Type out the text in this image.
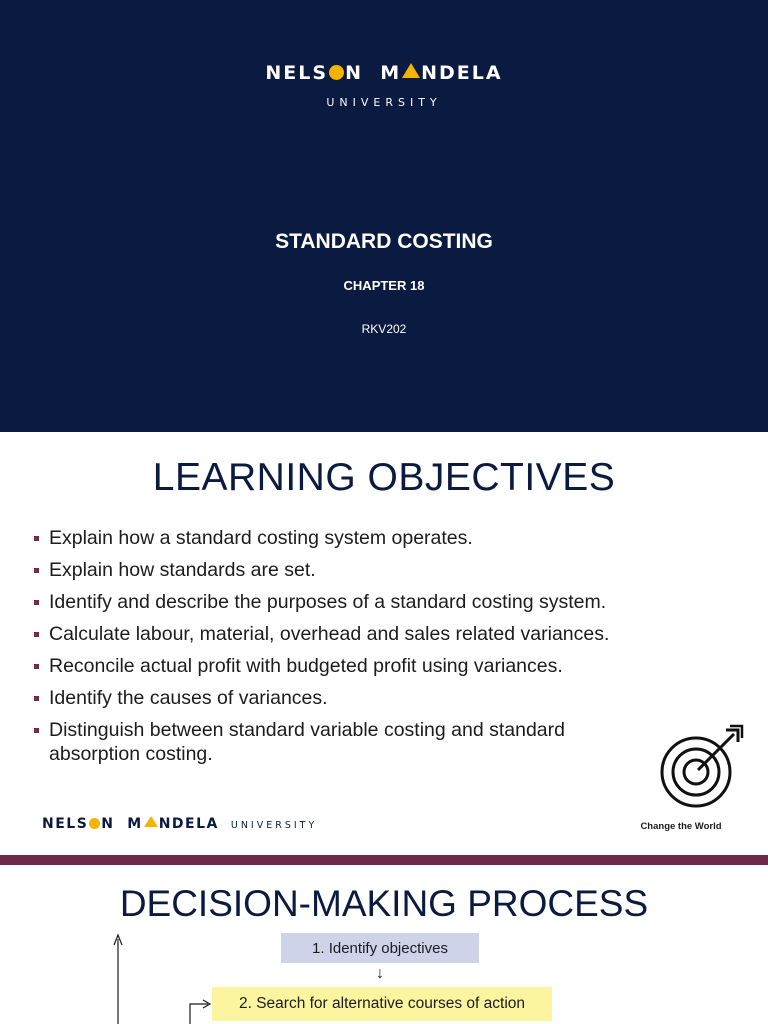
NELS N M NDELA
UNIVERSITY
STANDARD COSTING
CHAPTER 18
RKV202
LEARNING OBJECTIVES
Explain how a standard costing system operates.
Explain how standards are set.
Identify and describe the purposes of a standard costing system.
Calculate labour, material, overhead and sales related variances.
Reconcile actual profit with budgeted profit using variances.
Identify the causes of variances.
Distinguish between standard variable costing and standard absorption costing.
NELS N M NDELA UNIVERSITY	Change the World
DECISION-MAKING PROCESS
1. Identify objectives
↓
2. Search for alternative courses of action
